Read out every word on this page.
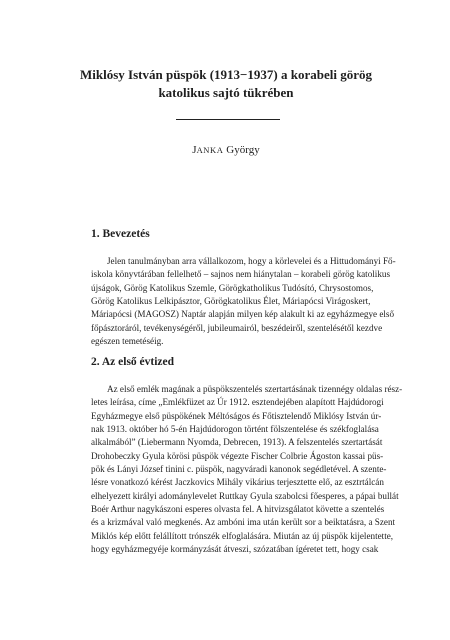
Miklósy István püspök (1913−1937) a korabeli görög
katolikus sajtó tükrében
JANKA György
1. Bevezetés
Jelen tanulmányban arra vállalkozom, hogy a körlevelei és a Hittudományi Fő-
iskola könyvtárában fellelhető – sajnos nem hiánytalan – korabeli görög katolikus
újságok, Görög Katolikus Szemle, Görögkatholikus Tudósító, Chrysostomos,
Görög Katolikus Lelkipásztor, Görögkatolikus Élet, Máriapócsi Virágoskert,
Máriapócsi (MAGOSZ) Naptár alapján milyen kép alakult ki az egyházmegye első
főpásztoráról, tevékenységéről, jubileumairól, beszédeiről, szentelésétől kezdve
egészen temetéséig.
2. Az első évtized
Az első emlék magának a püspökszentelés szertartásának tizennégy oldalas rész-
letes leírása, címe „Emlékfüzet az Úr 1912. esztendejében alapított Hajdúdorogi
Egyházmegye első püspökének Méltóságos és Főtisztelendő Miklósy István úr-
nak 1913. október hó 5-én Hajdúdorogon történt fölszentelése és székfoglalása
alkalmából” (Liebermann Nyomda, Debrecen, 1913). A felszentelés szertartását
Drohobeczky Gyula körösi püspök végezte Fischer Colbrie Ágoston kassai püs-
pök és Lányi József tinini c. püspök, nagyváradi kanonok segédletével. A szente-
lésre vonatkozó kérést Jaczkovics Mihály vikárius terjesztette elő, az esztrtálcán
elhelyezett királyi adománylevelet Ruttkay Gyula szabolcsi főesperes, a pápai bullát
Boér Arthur nagykászoni esperes olvasta fel. A hitvizsgálatot követte a szentelés
és a krizmával való megkenés. Az ambóni ima után került sor a beiktatásra, a Szent
Miklós kép előtt felállított trónszék elfoglalására. Miután az új püspök kijelentette,
hogy egyházmegyéje kormányzását átveszi, szózatában ígéretet tett, hogy csak
